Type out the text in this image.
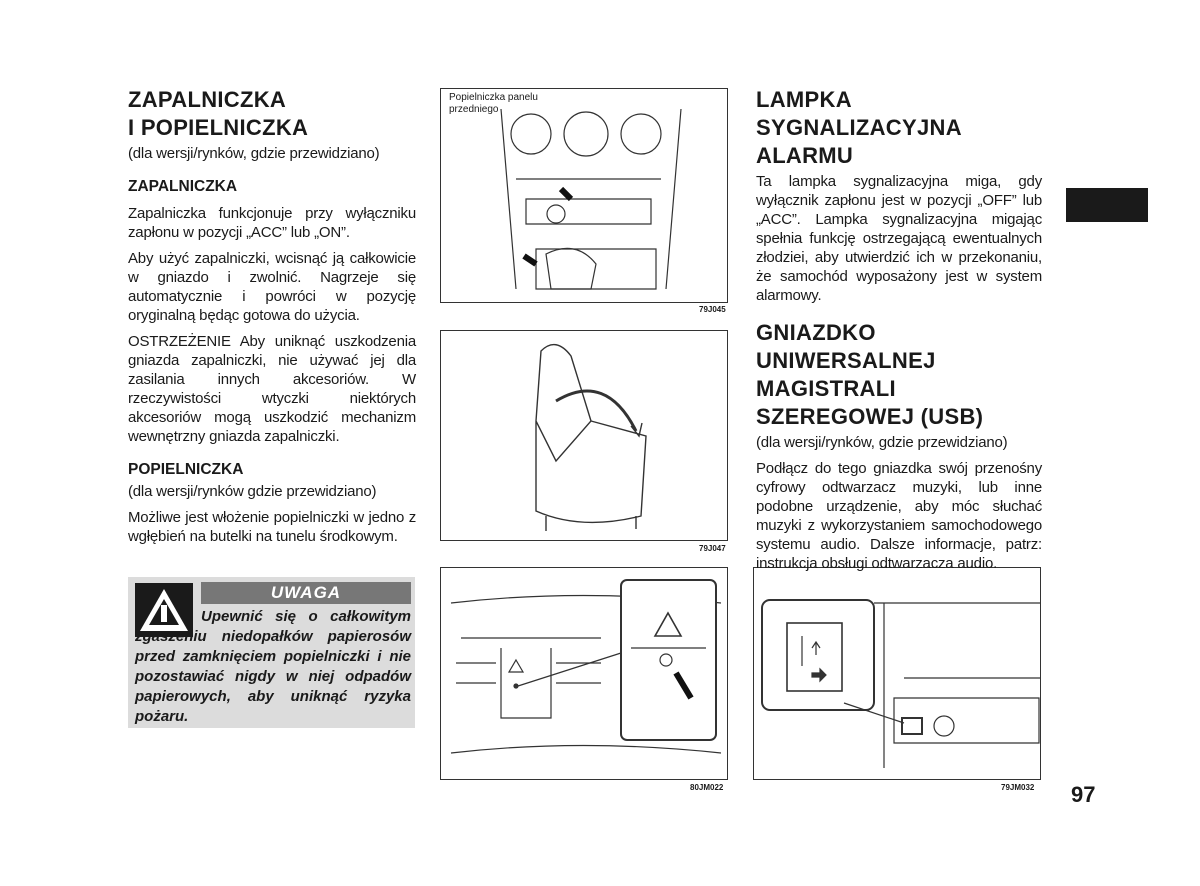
ZAPALNICZKA
I POPIELNICZKA

(dla wersji/rynków, gdzie przewidziano)

ZAPALNICZKA

Zapalniczka funkcjonuje przy wyłączniku zapłonu w pozycji „ACC” lub „ON”.

Aby użyć zapalniczki, wcisnąć ją całkowicie w gniazdo i zwolnić. Nagrzeje się automatycznie i powróci w pozycję oryginalną będąc gotowa do użycia.

OSTRZEŻENIE Aby uniknąć uszkodzenia gniazda zapalniczki, nie używać jej dla zasilania innych akcesoriów. W rzeczywistości wtyczki niektórych akcesoriów mogą uszkodzić mechanizm wewnętrzny gniazda zapalniczki.

POPIELNICZKA

(dla wersji/rynków gdzie przewidziano)

Możliwe jest włożenie popielniczki w jedno z wgłębień na butelki na tunelu środkowym.

UWAGA
Upewnić się o całkowitym zgaszeniu niedopałków papierosów przed zamknięciem popielniczki i nie pozostawiać nigdy w niej odpadów papierowych, aby uniknąć ryzyka pożaru.
Popielniczka panelu przedniego
79J045
79J047
80JM022	79JM032
LAMPKA
SYGNALIZACYJNA
ALARMU

Ta lampka sygnalizacyjna miga, gdy wyłącznik zapłonu jest w pozycji „OFF” lub „ACC”. Lampka sygnalizacyjna migając spełnia funkcję ostrzegającą ewentualnych złodziei, aby utwierdzić ich w przekonaniu, że samochód wyposażony jest w system alarmowy.

GNIAZDKO
UNIWERSALNEJ
MAGISTRALI
SZEREGOWEJ (USB)

(dla wersji/rynków, gdzie przewidziano)

Podłącz do tego gniazdka swój przenośny cyfrowy odtwarzacz muzyki, lub inne podobne urządzenie, aby móc słuchać muzyki z wykorzystaniem samochodowego systemu audio. Dalsze informacje, patrz: instrukcja obsługi odtwarzacza audio.

97
